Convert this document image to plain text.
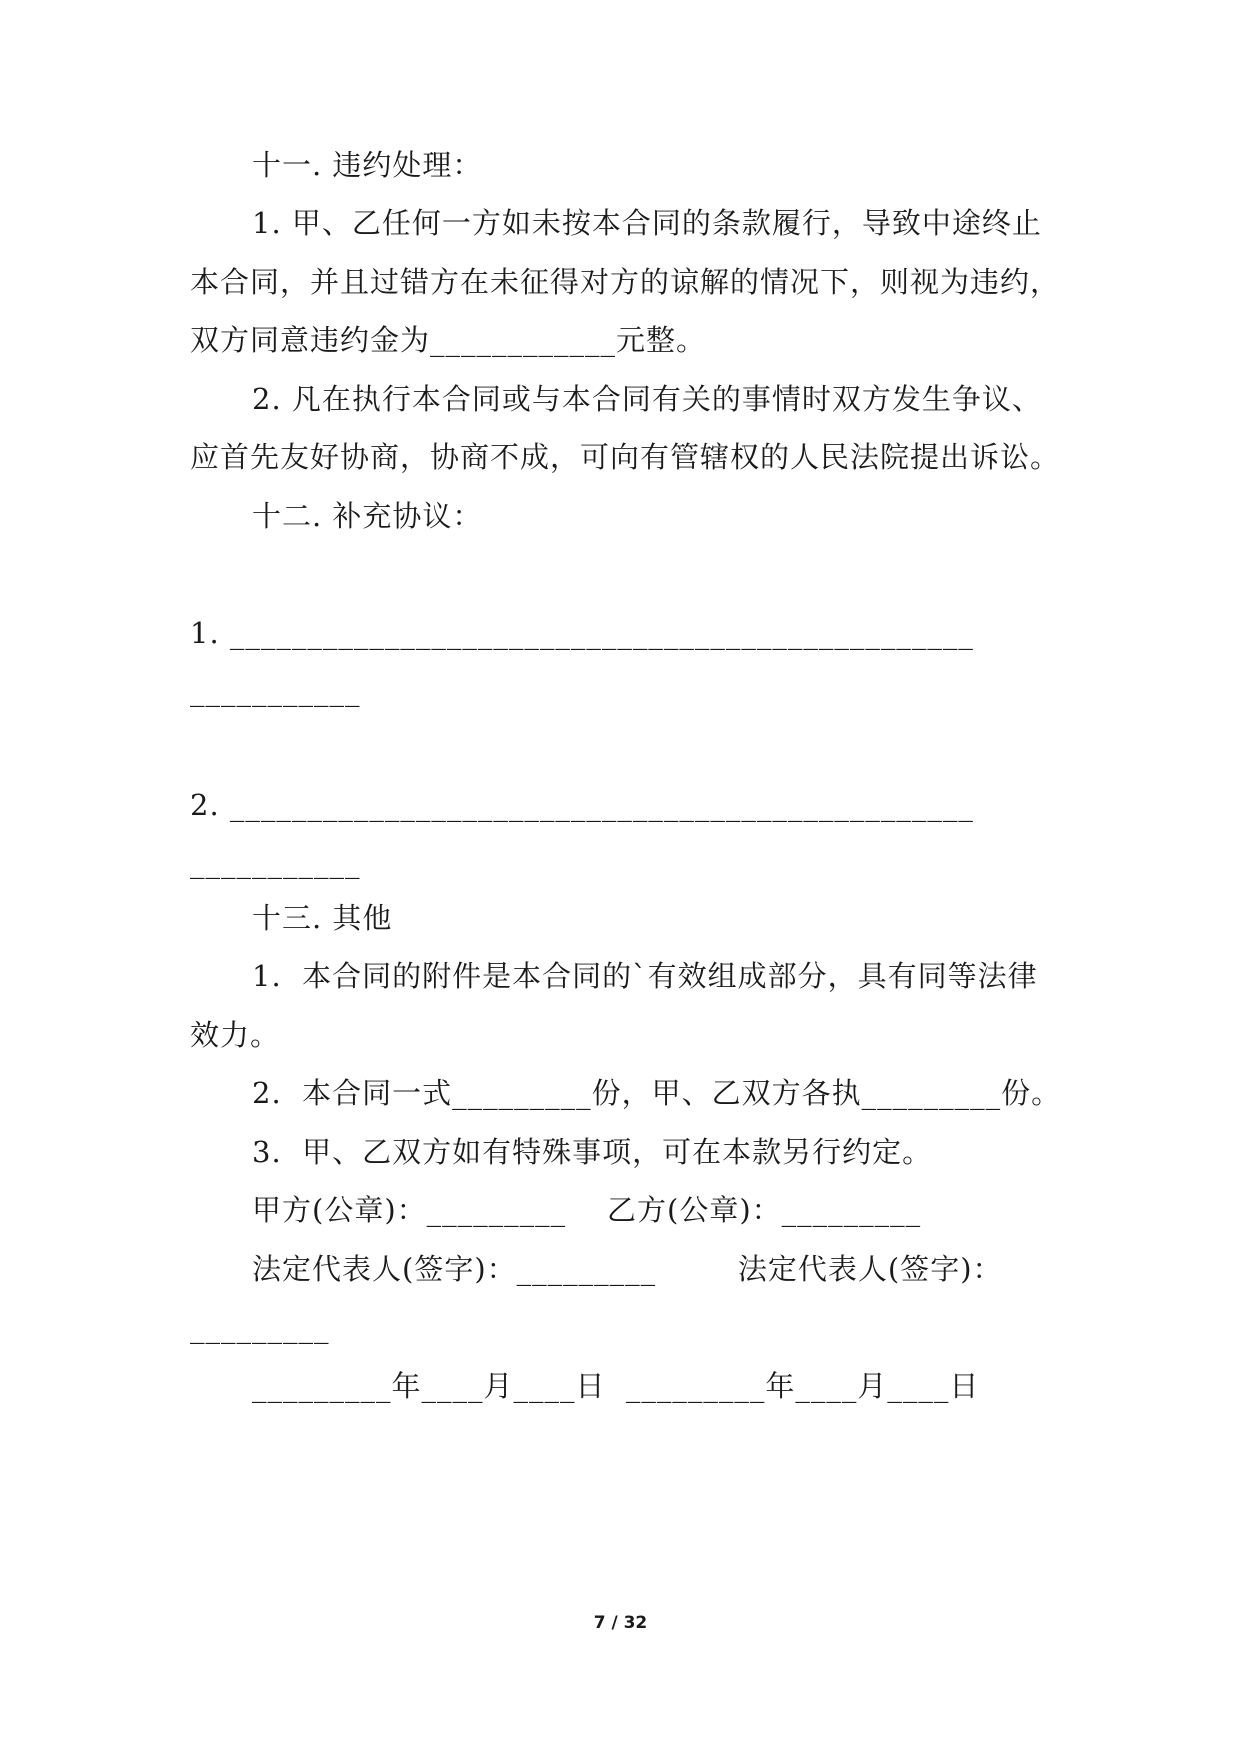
十一. 违约处理：
1. 甲、乙任何一方如未按本合同的条款履行，导致中途终止
本合同，并且过错方在未征得对方的谅解的情况下，则视为违约，
双方同意违约金为____________元整。
2. 凡在执行本合同或与本合同有关的事情时双方发生争议、
应首先友好协商，协商不成，可向有管辖权的人民法院提出诉讼。
十二. 补充协议：
1. ________________________________________________
___________
2. ________________________________________________
___________
十三. 其他
1.  本合同的附件是本合同的`有效组成部分，具有同等法律
效力。
2.  本合同一式_________份，甲、乙双方各执_________份。
3.  甲、乙双方如有特殊事项，可在本款另行约定。
甲方(公章)：_________    乙方(公章)：_________
法定代表人(签字)：_________        法定代表人(签字)：
_________
_________年____月____日  _________年____月____日
7 / 32
